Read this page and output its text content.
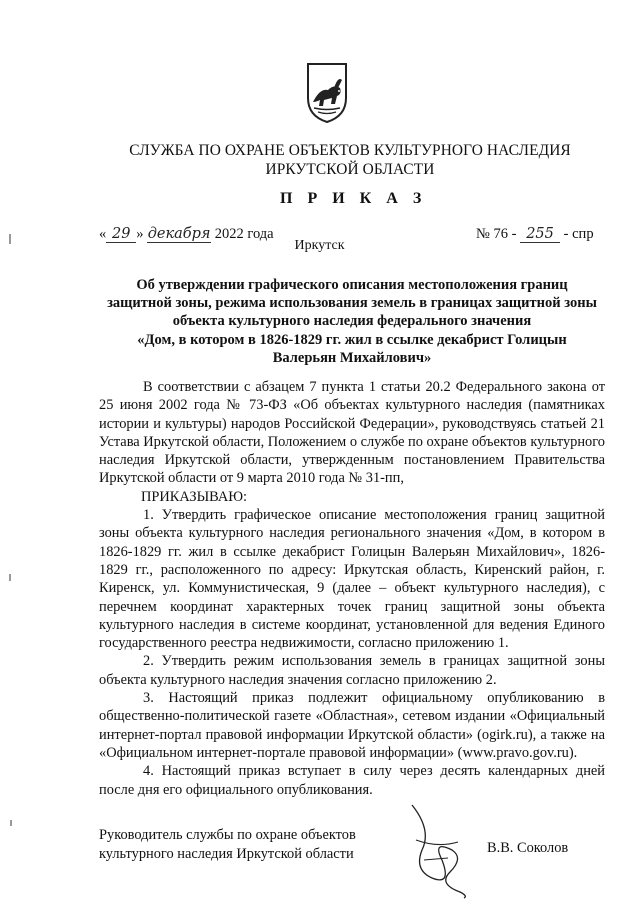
СЛУЖБА ПО ОХРАНЕ ОБЪЕКТОВ КУЛЬТУРНОГО НАСЛЕДИЯ
ИРКУТСКОЙ ОБЛАСТИ
П Р И К А З
« 29 » декабря 2022 года	№ 76 - 255 - спр
Иркутск
Об утверждении графического описания местоположения границ
защитной зоны, режима использования земель в границах защитной зоны
объекта культурного наследия федерального значения
«Дом, в котором в 1826-1829 гг. жил в ссылке декабрист Голицын
Валерьян Михайлович»

В соответствии с абзацем 7 пункта 1 статьи 20.2 Федерального закона от 25 июня 2002 года № 73-ФЗ «Об объектах культурного наследия (памятниках истории и культуры) народов Российской Федерации», руководствуясь статьей 21 Устава Иркутской области, Положением о службе по охране объектов культурного наследия Иркутской области, утвержденным постановлением Правительства Иркутской области от 9 марта 2010 года № 31-пп,

ПРИКАЗЫВАЮ:

1. Утвердить графическое описание местоположения границ защитной зоны объекта культурного наследия регионального значения «Дом, в котором в 1826-1829 гг. жил в ссылке декабрист Голицын Валерьян Михайлович», 1826-1829 гг., расположенного по адресу: Иркутская область, Киренский район, г. Киренск, ул. Коммунистическая, 9 (далее – объект культурного наследия), с перечнем координат характерных точек границ защитной зоны объекта культурного наследия в системе координат, установленной для ведения Единого государственного реестра недвижимости, согласно приложению 1.

2. Утвердить режим использования земель в границах защитной зоны объекта культурного наследия значения согласно приложению 2.

3. Настоящий приказ подлежит официальному опубликованию в общественно-политической газете «Областная», сетевом издании «Официальный интернет-портал правовой информации Иркутской области» (ogirk.ru), а также на «Официальном интернет-портале правовой информации» (www.pravo.gov.ru).

4. Настоящий приказ вступает в силу через десять календарных дней после дня его официального опубликования.

Руководитель службы по охране объектов
культурного наследия Иркутской области	В.В. Соколов
